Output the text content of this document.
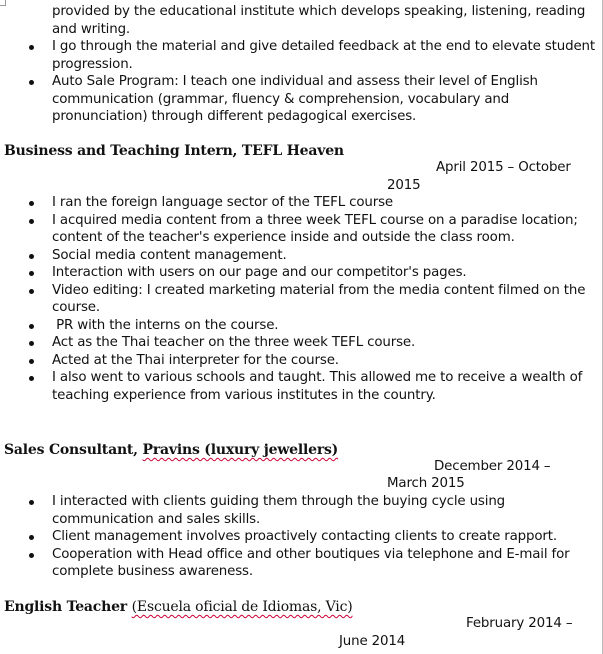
provided by the educational institute which develops speaking, listening, reading and writing.
I go through the material and give detailed feedback at the end to elevate student progression.
Auto Sale Program: I teach one individual and assess their level of English communication (grammar, fluency & comprehension, vocabulary and pronunciation) through different pedagogical exercises.
Business and Teaching Intern, TEFL Heaven
April 2015 – October
2015
I ran the foreign language sector of the TEFL course
I acquired media content from a three week TEFL course on a paradise location; content of the teacher's experience inside and outside the class room.
Social media content management.
Interaction with users on our page and our competitor's pages.
Video editing: I created marketing material from the media content filmed on the course.
PR with the interns on the course.
Act as the Thai teacher on the three week TEFL course.
Acted at the Thai interpreter for the course.
I also went to various schools and taught. This allowed me to receive a wealth of teaching experience from various institutes in the country.
Sales Consultant, Pravins (luxury jewellers)
December 2014 –
March 2015
I interacted with clients guiding them through the buying cycle using communication and sales skills.
Client management involves proactively contacting clients to create rapport.
Cooperation with Head office and other boutiques via telephone and E-mail for complete business awareness.
English Teacher (Escuela oficial de Idiomas, Vic)
February 2014 –
June 2014
